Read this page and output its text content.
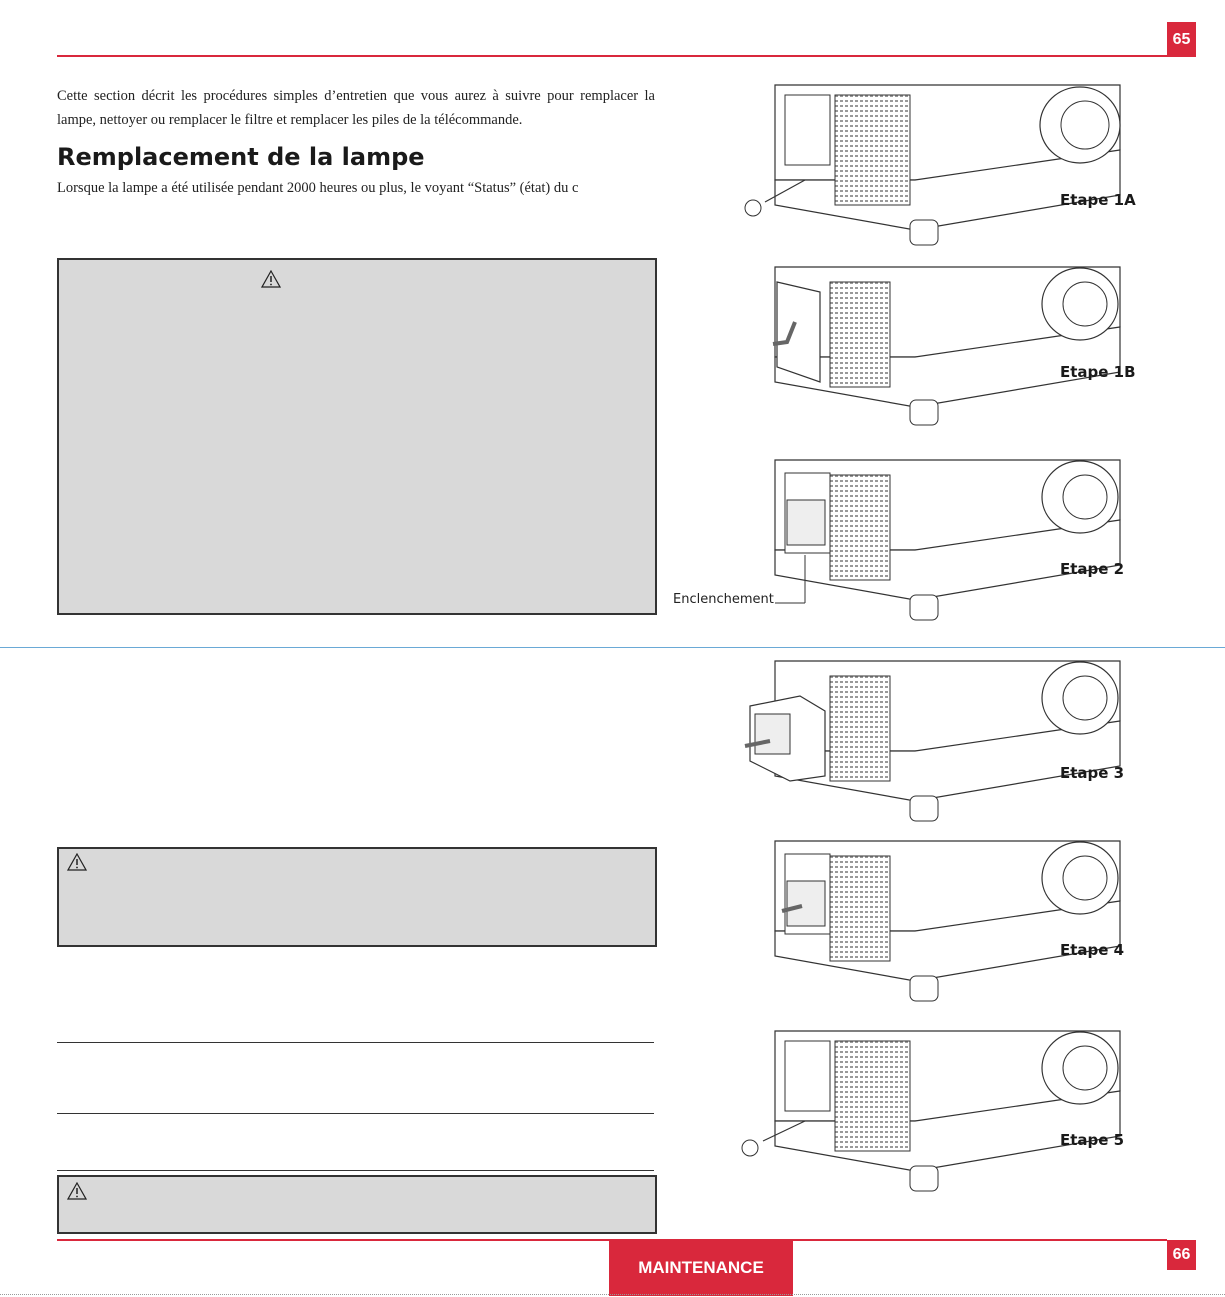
65
Cette section décrit les procédures simples d’entretien que vous aurez à suivre pour remplacer la lampe, nettoyer ou remplacer le filtre et remplacer les piles de la télécommande.
Remplacement de la lampe
Lorsque la lampe a été utilisée pendant 2000 heures ou plus, le voyant “Status” (état) du c
Etape 1A
Etape 1B
Etape 2
Enclenchement
Etape 3
Etape 4
Etape 5
MAINTENANCE
66
